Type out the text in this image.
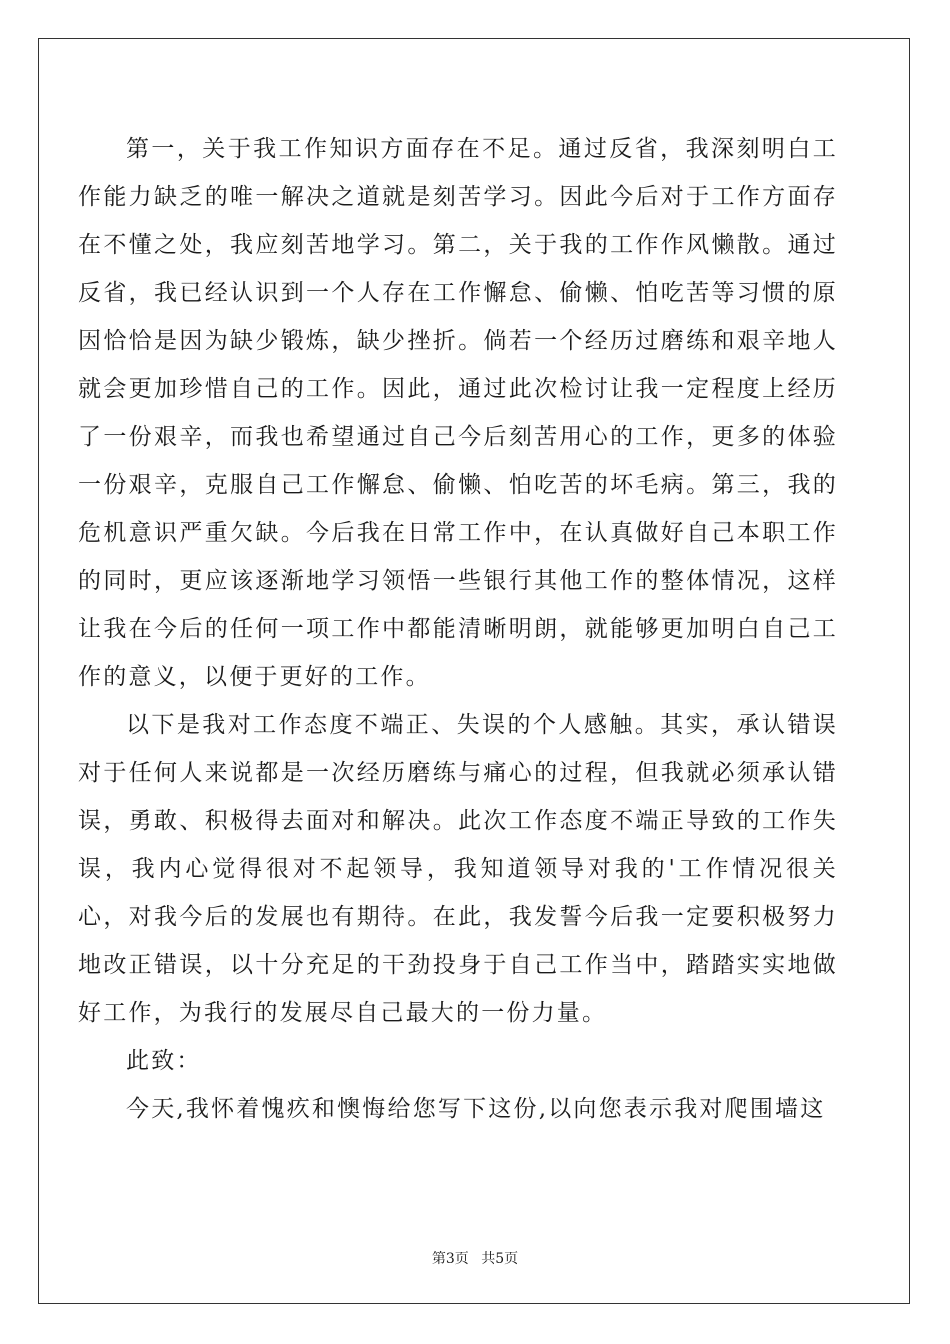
第一，关于我工作知识方面存在不足。通过反省，我深刻明白工作能力缺乏的唯一解决之道就是刻苦学习。因此今后对于工作方面存在不懂之处，我应刻苦地学习。第二，关于我的工作作风懒散。通过反省，我已经认识到一个人存在工作懈怠、偷懒、怕吃苦等习惯的原因恰恰是因为缺少锻炼，缺少挫折。倘若一个经历过磨练和艰辛地人就会更加珍惜自己的工作。因此，通过此次检讨让我一定程度上经历了一份艰辛，而我也希望通过自己今后刻苦用心的工作，更多的体验一份艰辛，克服自己工作懈怠、偷懒、怕吃苦的坏毛病。第三，我的危机意识严重欠缺。今后我在日常工作中，在认真做好自己本职工作的同时，更应该逐渐地学习领悟一些银行其他工作的整体情况，这样让我在今后的任何一项工作中都能清晰明朗，就能够更加明白自己工作的意义，以便于更好的工作。

以下是我对工作态度不端正、失误的个人感触。其实，承认错误对于任何人来说都是一次经历磨练与痛心的过程，但我就必须承认错误，勇敢、积极得去面对和解决。此次工作态度不端正导致的工作失误，我内心觉得很对不起领导，我知道领导对我的'工作情况很关心，对我今后的发展也有期待。在此，我发誓今后我一定要积极努力地改正错误，以十分充足的干劲投身于自己工作当中，踏踏实实地做好工作，为我行的发展尽自己最大的一份力量。

此致：

今天,我怀着愧疚和懊悔给您写下这份,以向您表示我对爬围墙这

第3页 共5页
